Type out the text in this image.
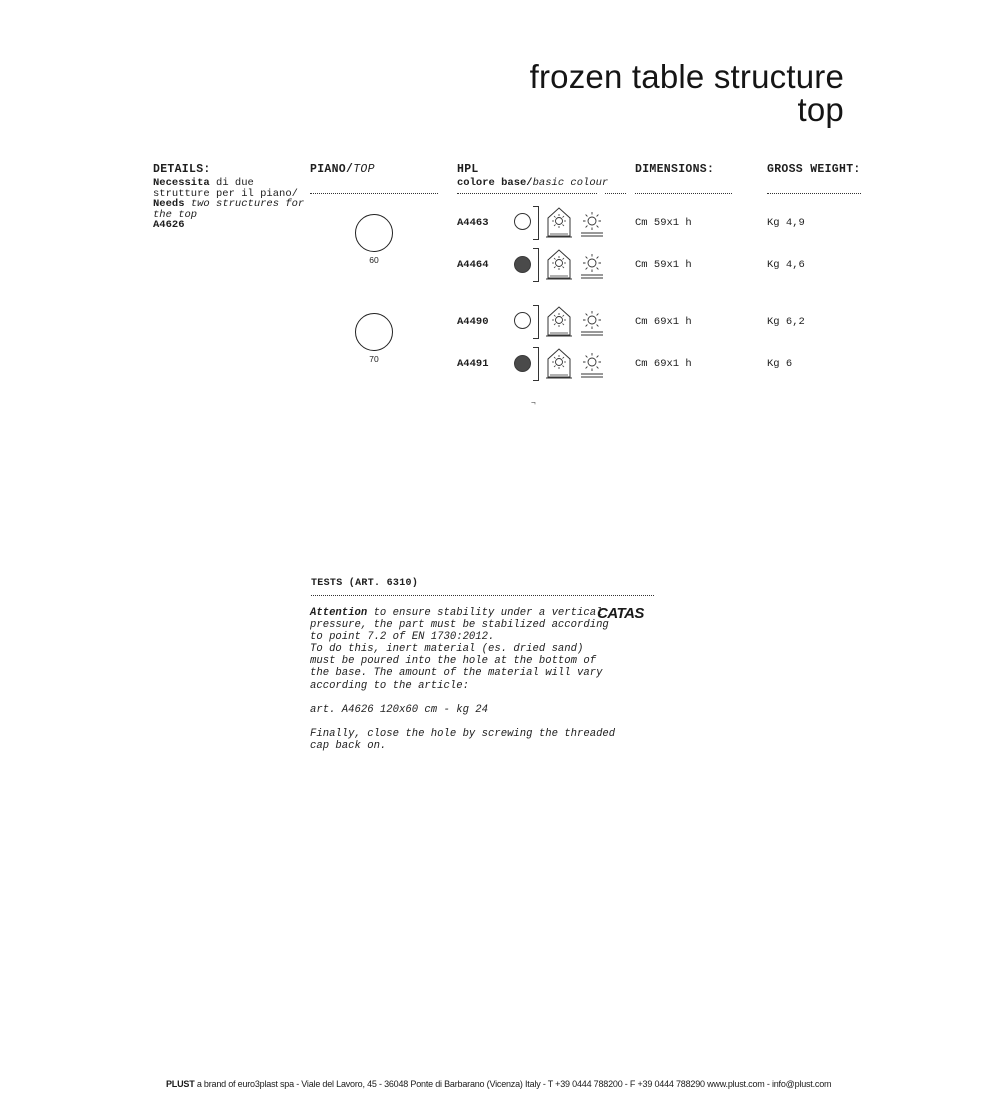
frozen table structure
top
DETAILS:
Necessita di due
strutture per il piano/
Needs two structures for
the top
A4626
PIANO/TOP
60
70
HPL
colore base/basic colour
DIMENSIONS:	GROSS WEIGHT:
A4463	Cm 59x1 h	Kg 4,9
A4464	Cm 59x1 h	Kg 4,6
A4490	Cm 69x1 h	Kg 6,2
A4491	Cm 69x1 h	Kg 6
¬
TESTS (ART. 6310)
Attention to ensure stability under a vertical
pressure, the part must be stabilized according
to point 7.2 of EN 1730:2012.
To do this, inert material (es. dried sand)
must be poured into the hole at the bottom of
the base. The amount of the material will vary
according to the article:
art. A4626 120x60 cm - kg 24
Finally, close the hole by screwing the threaded
cap back on.
CATAS
PLUST a brand of euro3plast spa - Viale del Lavoro, 45 - 36048 Ponte di Barbarano (Vicenza) Italy - T +39 0444 788200 - F +39 0444 788290 www.plust.com - info@plust.com
